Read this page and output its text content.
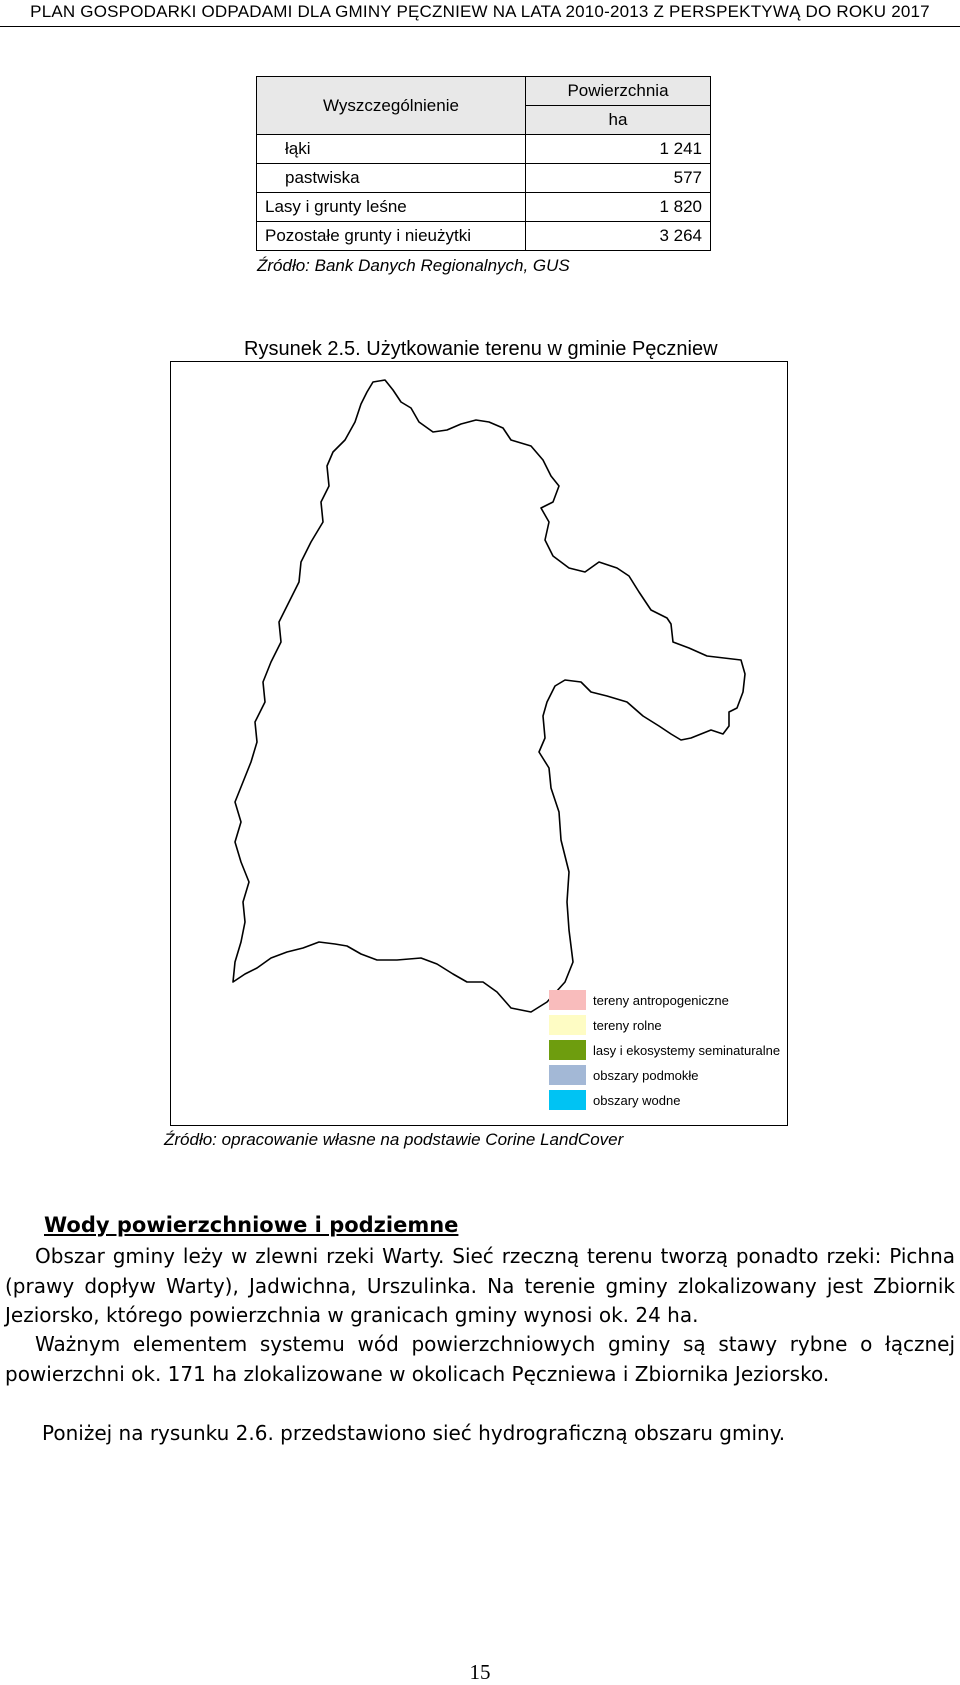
PLAN GOSPODARKI ODPADAMI DLA GMINY PĘCZNIEW NA LATA 2010-2013 Z PERSPEKTYWĄ DO ROKU 2017
Wyszczególnienie	Powierzchnia
	ha
łąki	1 241
pastwiska	577
Lasy i grunty leśne	1 820
Pozostałe grunty i nieużytki	3 264
Źródło: Bank Danych Regionalnych, GUS
Rysunek 2.5. Użytkowanie terenu w gminie Pęczniew
tereny antropogeniczne
tereny rolne
lasy i ekosystemy seminaturalne
obszary podmokłe
obszary wodne
Źródło: opracowanie własne na podstawie Corine LandCover
Wody powierzchniowe i podziemne

Obszar gminy leży w zlewni rzeki Warty. Sieć rzeczną terenu tworzą ponadto rzeki: Pichna (prawy dopływ Warty), Jadwichna, Urszulinka. Na terenie gminy zlokalizowany jest Zbiornik Jeziorsko, którego powierzchnia w granicach gminy wynosi ok. 24 ha.

Ważnym elementem systemu wód powierzchniowych gminy są stawy rybne o łącznej powierzchni ok. 171 ha zlokalizowane w okolicach Pęczniewa i Zbiornika Jeziorsko.

Poniżej na rysunku 2.6. przedstawiono sieć hydrograficzną obszaru gminy.

15
